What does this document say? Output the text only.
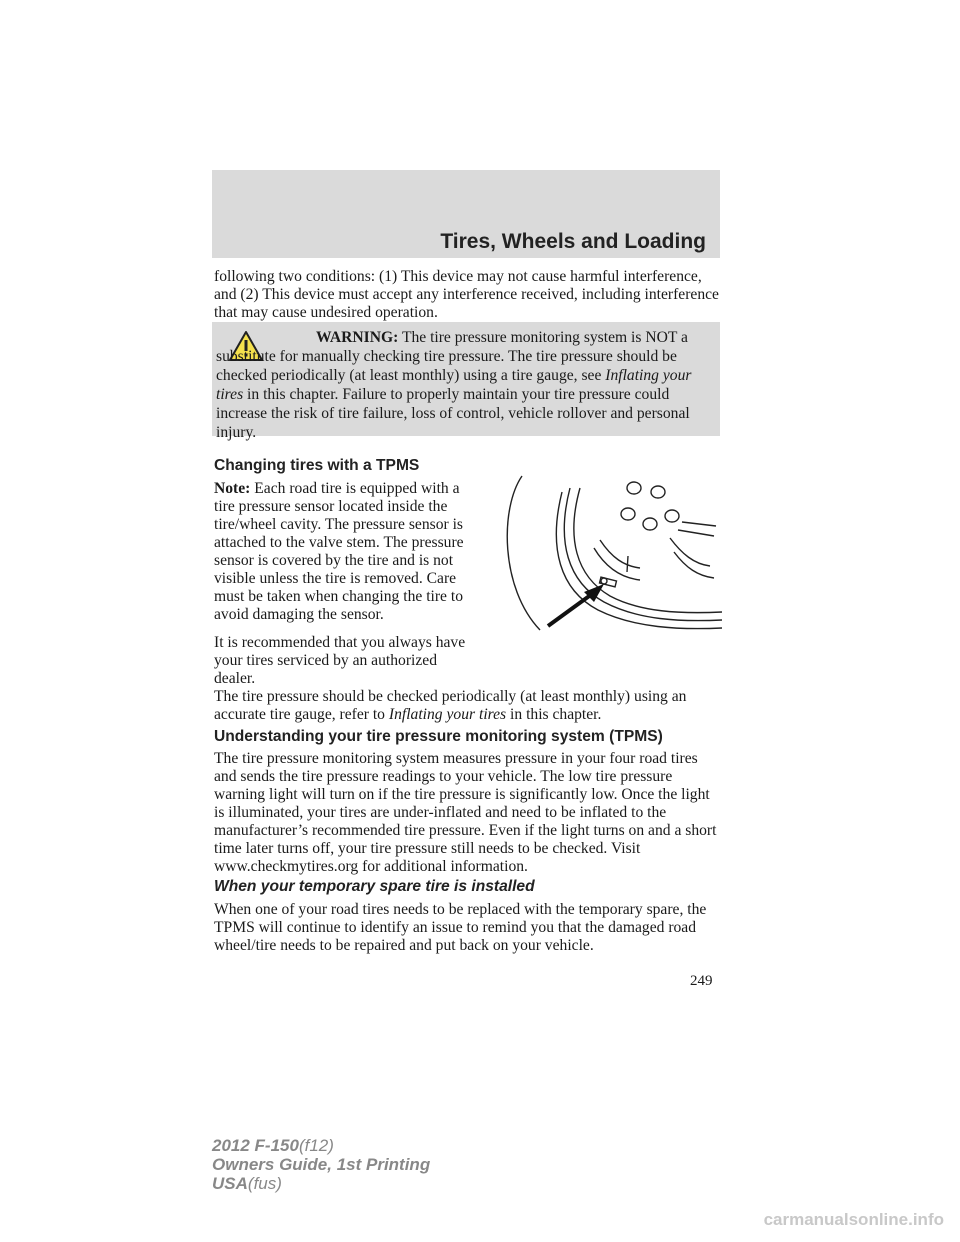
Tires, Wheels and Loading

following two conditions: (1) This device may not cause harmful interference, and (2) This device must accept any interference received, including interference that may cause undesired operation.

WARNING: The tire pressure monitoring system is NOT a substitute for manually checking tire pressure. The tire pressure should be checked periodically (at least monthly) using a tire gauge, see Inflating your tires in this chapter. Failure to properly maintain your tire pressure could increase the risk of tire failure, loss of control, vehicle rollover and personal injury.
Changing tires with a TPMS

Note: Each road tire is equipped with a tire pressure sensor located inside the tire/wheel cavity. The pressure sensor is attached to the valve stem. The pressure sensor is covered by the tire and is not visible unless the tire is removed. Care must be taken when changing the tire to avoid damaging the sensor.

It is recommended that you always have your tires serviced by an authorized dealer.

The tire pressure should be checked periodically (at least monthly) using an accurate tire gauge, refer to Inflating your tires in this chapter.

Understanding your tire pressure monitoring system (TPMS)

The tire pressure monitoring system measures pressure in your four road tires and sends the tire pressure readings to your vehicle. The low tire pressure warning light will turn on if the tire pressure is significantly low. Once the light is illuminated, your tires are under-inflated and need to be inflated to the manufacturer’s recommended tire pressure. Even if the light turns on and a short time later turns off, your tire pressure still needs to be checked. Visit www.checkmytires.org for additional information.

When your temporary spare tire is installed

When one of your road tires needs to be replaced with the temporary spare, the TPMS will continue to identify an issue to remind you that the damaged road wheel/tire needs to be repaired and put back on your vehicle.

249
2012 F-150(f12)
Owners Guide, 1st Printing
USA(fus)
carmanualsonline.info
